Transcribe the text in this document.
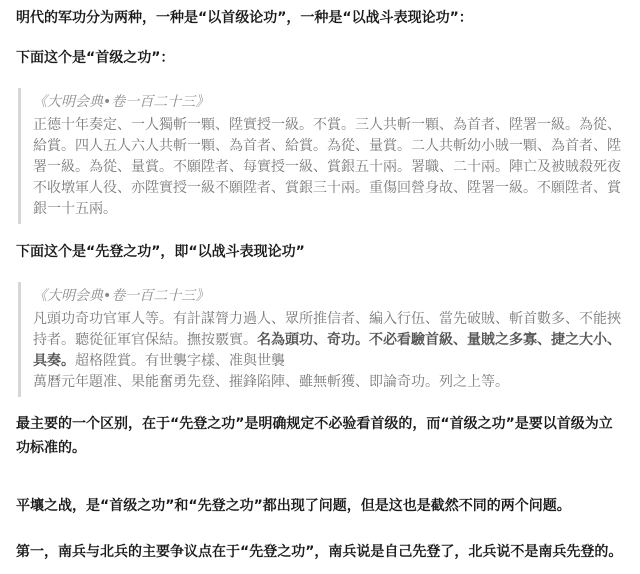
明代的军功分为两种，一种是“以首级论功”，一种是“以战斗表现论功”：

下面这个是“首级之功”：

《大明会典•卷一百二十三》

正德十年奏定、一人獨斬一顆、陞實授一級。不賞。三人共斬一顆、為首者、陞署一級。為從、給賞。四人五人六人共斬一顆、為首者、給賞。為從、量賞。二人共斬幼小賊一顆、為首者、陞署一級。為從、量賞。不願陞者、每實授一級、賞銀五十兩。署職、二十兩。陣亡及被賊殺死夜不收墩軍人役、亦陞實授一級不願陞者、賞銀三十兩。重傷回營身故、陞署一級。不願陞者、賞銀一十五兩。

下面这个是“先登之功”，即“以战斗表现论功”

《大明会典•卷一百二十三》

凡頭功奇功官軍人等。有計謀膂力過人、眾所推信者、編入行伍、當先破賊、斬首數多、不能挾持者。聽從征軍官保結。撫按覈實。名為頭功、奇功。不必看驗首級、量賊之多寡、捷之大小、具奏。超格陞賞。有世襲字樣、准與世襲

萬曆元年題准、果能奮勇先登、摧鋒陷陣、雖無斬獲、即論奇功。列之上等。

最主要的一个区别，在于“先登之功”是明确规定不必验看首级的，而“首级之功”是要以首级为立功标准的。

平壤之战，是“首级之功”和“先登之功”都出现了问题，但是这也是截然不同的两个问题。

第一，南兵与北兵的主要争议点在于“先登之功”，南兵说是自己先登了，北兵说不是南兵先登的。
